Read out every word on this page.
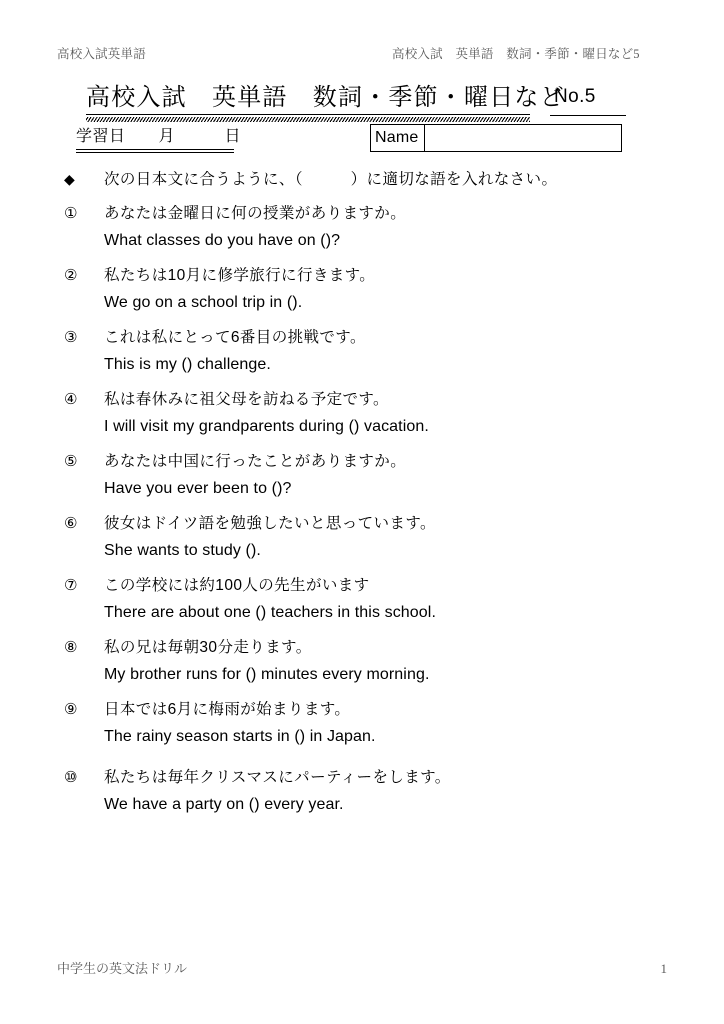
高校入試英単語	高校入試　英単語　数詞・季節・曜日など5
高校入試　英単語　数詞・季節・曜日など
No.5
学習日　　月　　　日	Name
◆ 次の日本文に合うように、（　　　）に適切な語を入れなさい。
① あなたは金曜日に何の授業がありますか。
What classes do you have on ()?
② 私たちは10月に修学旅行に行きます。
We go on a school trip in ().
③ これは私にとって6番目の挑戦です。
This is my () challenge.
④ 私は春休みに祖父母を訪ねる予定です。
I will visit my grandparents during () vacation.
⑤ あなたは中国に行ったことがありますか。
Have you ever been to ()?
⑥ 彼女はドイツ語を勉強したいと思っています。
She wants to study ().
⑦ この学校には約100人の先生がいます
There are about one () teachers in this school.
⑧ 私の兄は毎朝30分走ります。
My brother runs for () minutes every morning.
⑨ 日本では6月に梅雨が始まります。
The rainy season starts in () in Japan.
⑩ 私たちは毎年クリスマスにパーティーをします。
We have a party on () every year.
中学生の英文法ドリル	1
